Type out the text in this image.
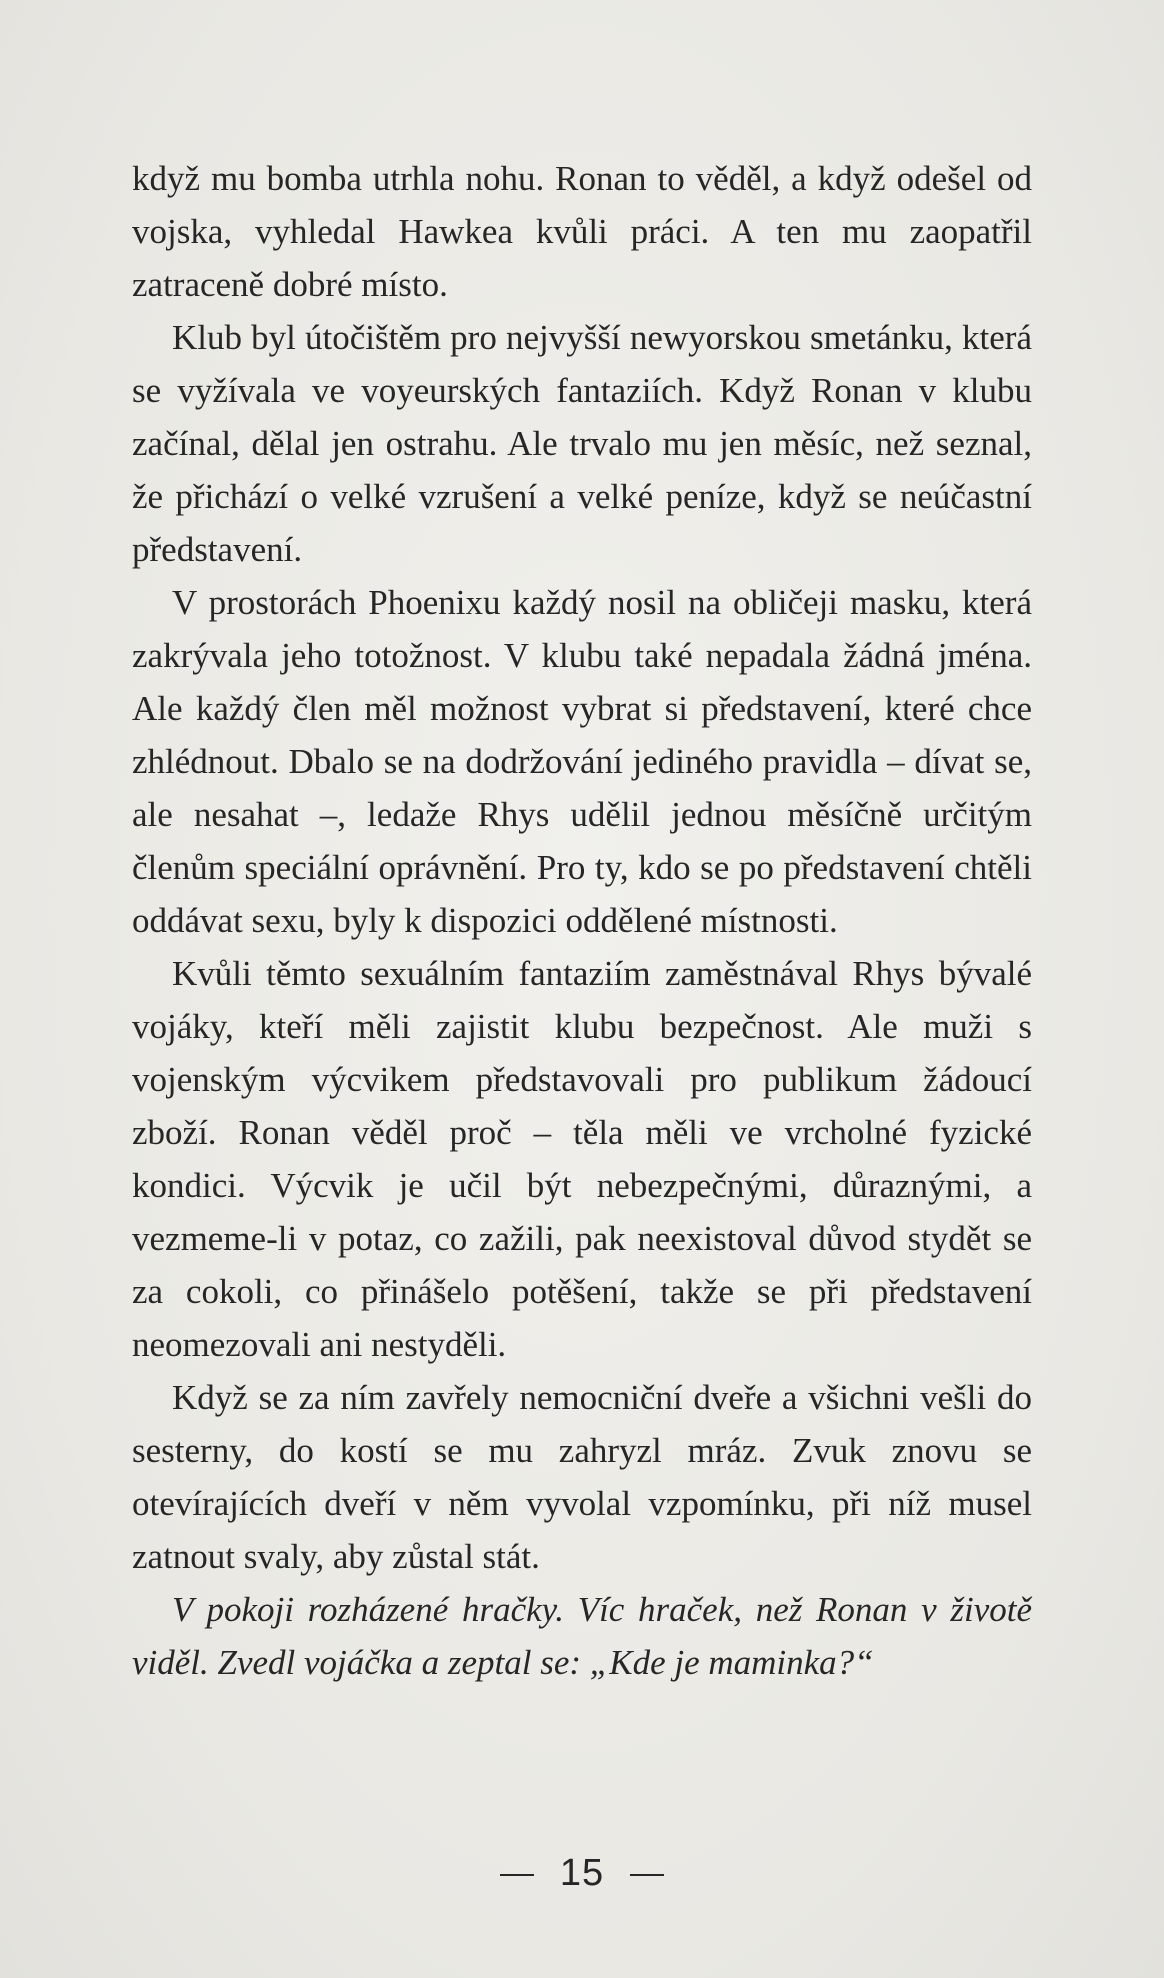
když mu bomba utrhla nohu. Ronan to věděl, a když odešel od vojska, vyhledal Hawkea kvůli práci. A ten mu zaopatřil zatraceně dobré místo.

Klub byl útočištěm pro nejvyšší newyorskou smetánku, která se vyžívala ve voyeurských fantaziích. Když Ronan v klubu začínal, dělal jen ostrahu. Ale trvalo mu jen měsíc, než seznal, že přichází o velké vzrušení a velké peníze, když se neúčastní představení.

V prostorách Phoenixu každý nosil na obličeji masku, která zakrývala jeho totožnost. V klubu také nepadala žádná jména. Ale každý člen měl možnost vybrat si představení, které chce zhlédnout. Dbalo se na dodržování jediného pravidla – dívat se, ale nesahat –, ledaže Rhys udělil jednou měsíčně určitým členům speciální oprávnění. Pro ty, kdo se po představení chtěli oddávat sexu, byly k dispozici oddělené místnosti.

Kvůli těmto sexuálním fantaziím zaměstnával Rhys bývalé vojáky, kteří měli zajistit klubu bezpečnost. Ale muži s vojenským výcvikem představovali pro publikum žádoucí zboží. Ronan věděl proč – těla měli ve vrcholné fyzické kondici. Výcvik je učil být nebezpečnými, důraznými, a vezmeme-li v potaz, co zažili, pak neexistoval důvod stydět se za cokoli, co přinášelo potěšení, takže se při představení neomezovali ani nestyděli.

Když se za ním zavřely nemocniční dveře a všichni vešli do sesterny, do kostí se mu zahryzl mráz. Zvuk znovu se otevírajících dveří v něm vyvolal vzpomínku, při níž musel zatnout svaly, aby zůstal stát.

V pokoji rozházené hračky. Víc hraček, než Ronan v životě viděl. Zvedl vojáčka a zeptal se: „Kde je maminka?“

15
